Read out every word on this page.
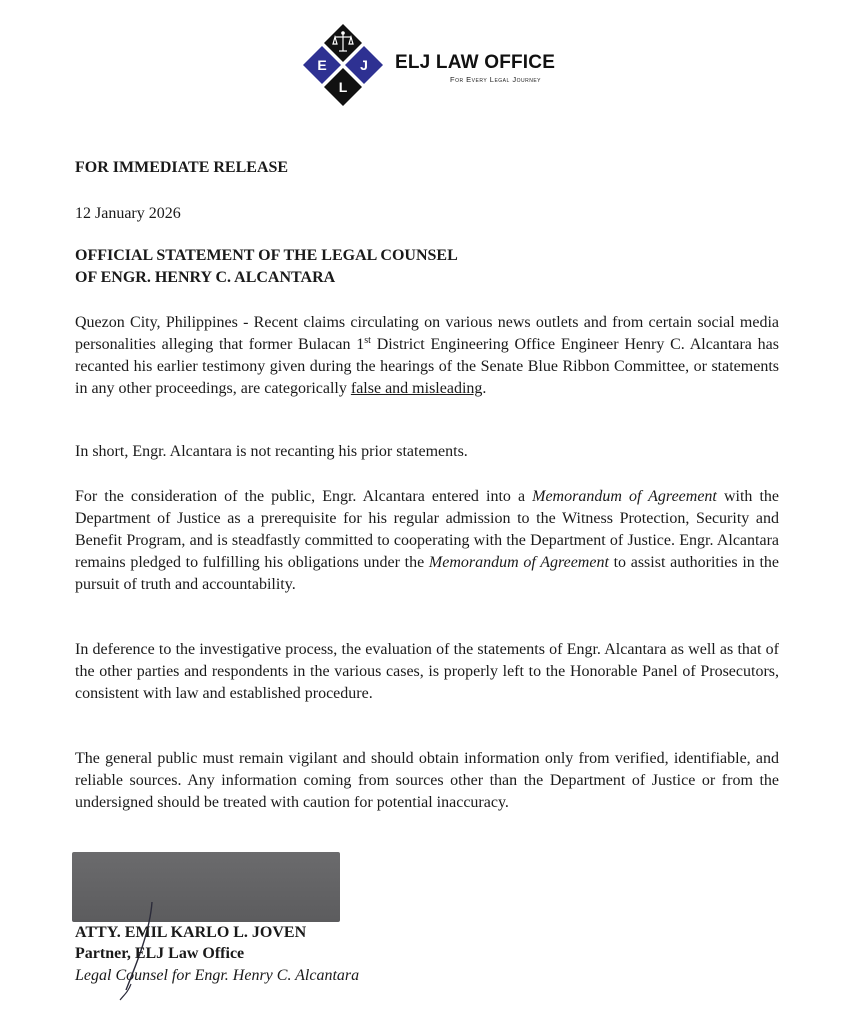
E J
L
ELJ LAW OFFICE
For Every Legal Journey
FOR IMMEDIATE RELEASE
12 January 2026
OFFICIAL STATEMENT OF THE LEGAL COUNSEL
OF ENGR. HENRY C. ALCANTARA
Quezon City, Philippines - Recent claims circulating on various news outlets and from certain social media personalities alleging that former Bulacan 1st District Engineering Office Engineer Henry C. Alcantara has recanted his earlier testimony given during the hearings of the Senate Blue Ribbon Committee, or statements in any other proceedings, are categorically false and misleading.
In short, Engr. Alcantara is not recanting his prior statements.
For the consideration of the public, Engr. Alcantara entered into a Memorandum of Agreement with the Department of Justice as a prerequisite for his regular admission to the Witness Protection, Security and Benefit Program, and is steadfastly committed to cooperating with the Department of Justice. Engr. Alcantara remains pledged to fulfilling his obligations under the Memorandum of Agreement to assist authorities in the pursuit of truth and accountability.
In deference to the investigative process, the evaluation of the statements of Engr. Alcantara as well as that of the other parties and respondents in the various cases, is properly left to the Honorable Panel of Prosecutors, consistent with law and established procedure.
The general public must remain vigilant and should obtain information only from verified, identifiable, and reliable sources. Any information coming from sources other than the Department of Justice or from the undersigned should be treated with caution for potential inaccuracy.
ATTY. EMIL KARLO L. JOVEN
Partner, ELJ Law Office
Legal Counsel for Engr. Henry C. Alcantara
